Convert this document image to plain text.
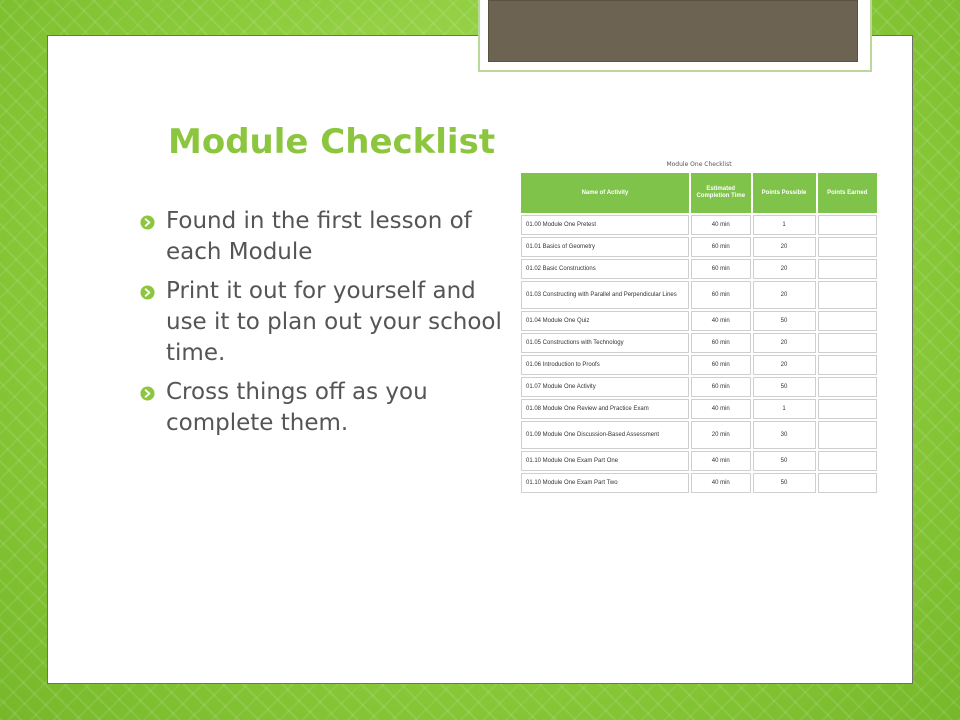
Module Checklist
Found in the first lesson of each Module
Print it out for yourself and use it to plan out your school time.
Cross things off as you complete them.
Module One Checklist
Name of Activity	Estimated Completion Time	Points Possible	Points Earned
01.00 Module One Pretest	40 min	1	
01.01 Basics of Geometry	60 min	20	
01.02 Basic Constructions	60 min	20	
01.03 Constructing with Parallel and Perpendicular Lines	60 min	20	
01.04 Module One Quiz	40 min	50	
01.05 Constructions with Technology	60 min	20	
01.06 Introduction to Proofs	60 min	20	
01.07 Module One Activity	60 min	50	
01.08 Module One Review and Practice Exam	40 min	1	
01.09 Module One Discussion-Based Assessment	20 min	30	
01.10 Module One Exam Part One	40 min	50	
01.10 Module One Exam Part Two	40 min	50	
